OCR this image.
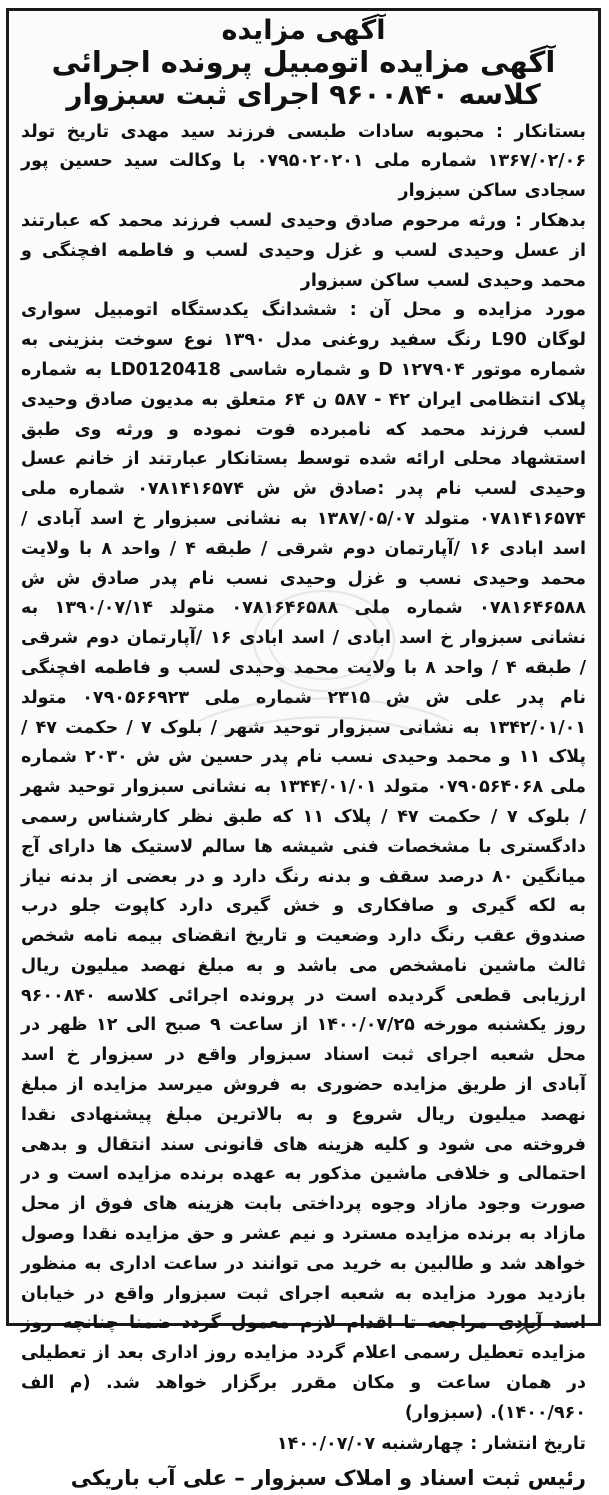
آگهی مزایده

آگهی مزایده اتومبیل پرونده اجرائی

کلاسه ۹۶۰۰۸۴۰ اجرای ثبت سبزوار

بستانکار : محبوبه سادات طبسی فرزند سید مهدی تاریخ تولد ۱۳۶۷/۰۲/۰۶ شماره ملی ۰۷۹۵۰۲۰۲۰۱ با وکالت سید حسین پور سجادی ساکن سبزوار

بدهکار : ورثه مرحوم صادق وحیدی لسب فرزند محمد که عبارتند از عسل وحیدی لسب و غزل وحیدی لسب و فاطمه افچنگی و محمد وحیدی لسب ساکن سبزوار

مورد مزایده و محل آن : ششدانگ یکدستگاه اتومبیل سواری لوگان L90 رنگ سفید روغنی مدل ۱۳۹۰ نوع سوخت بنزینی به شماره موتور D ۱۲۷۹۰۴ و شماره شاسی LD0120418 به شماره پلاک انتظامی ایران ۴۲ - ۵۸۷ ن ۶۴ متعلق به مدیون صادق وحیدی لسب فرزند محمد که نامبرده فوت نموده و ورثه وی طبق استشهاد محلی ارائه شده توسط بستانکار عبارتند از خانم عسل وحیدی لسب نام پدر :صادق ش ش ۰۷۸۱۴۱۶۵۷۴ شماره ملی ۰۷۸۱۴۱۶۵۷۴ متولد ۱۳۸۷/۰۵/۰۷ به نشانی سبزوار خ اسد آبادی / اسد ابادی ۱۶ /آپارتمان دوم شرقی / طبقه ۴ / واحد ۸ با ولایت محمد وحیدی نسب و غزل وحیدی نسب نام پدر صادق ش ش ۰۷۸۱۶۴۶۵۸۸ شماره ملی ۰۷۸۱۶۴۶۵۸۸ متولد ۱۳۹۰/۰۷/۱۴ به نشانی سبزوار خ اسد ابادی / اسد ابادی ۱۶ /آپارتمان دوم شرقی / طبقه ۴ / واحد ۸ با ولایت محمد وحیدی لسب و فاطمه افچنگی نام پدر علی ش ش ۲۳۱۵ شماره ملی ۰۷۹۰۵۶۶۹۲۳ متولد ۱۳۴۲/۰۱/۰۱ به نشانی سبزوار توحید شهر / بلوک ۷ / حکمت ۴۷ / پلاک ۱۱ و محمد وحیدی نسب نام پدر حسین ش ش ۲۰۳۰ شماره ملی ۰۷۹۰۵۶۴۰۶۸ متولد ۱۳۴۴/۰۱/۰۱ به نشانی سبزوار توحید شهر / بلوک ۷ / حکمت ۴۷ / پلاک ۱۱ که طبق نظر کارشناس رسمی دادگستری با مشخصات فنی شیشه ها سالم لاستیک ها دارای آج میانگین ۸۰ درصد سقف و بدنه رنگ دارد و در بعضی از بدنه نیاز به لکه گیری و صافکاری و خش گیری دارد کاپوت جلو درب صندوق عقب رنگ دارد وضعیت و تاریخ انقضای بیمه نامه شخص ثالث ماشین نامشخص می باشد و به مبلغ نهصد میلیون ریال ارزیابی قطعی گردیده است در پرونده اجرائی کلاسه ۹۶۰۰۸۴۰ روز یکشنبه مورخه ۱۴۰۰/۰۷/۲۵ از ساعت ۹ صبح الی ۱۲ ظهر در محل شعبه اجرای ثبت اسناد سبزوار واقع در سبزوار خ اسد آبادی از طریق مزایده حضوری به فروش میرسد مزایده از مبلغ نهصد میلیون ریال شروع و به بالاترین مبلغ پیشنهادی نقدا فروخته می شود و کلیه هزینه های قانونی سند انتقال و بدهی احتمالی و خلافی ماشین مذکور به عهده برنده مزایده است و در صورت وجود مازاد وجوه پرداختی بابت هزینه های فوق از محل مازاد به برنده مزایده مسترد و نیم عشر و حق مزایده نقدا وصول خواهد شد و طالبین به خرید می توانند در ساعت اداری به منظور بازدید مورد مزایده به شعبه اجرای ثبت سبزوار واقع در خیابان اسد آبادی مراجعه تا اقدام لازم معمول گردد ضمنا چنانچه روز مزایده تعطیل رسمی اعلام گردد مزایده روز اداری بعد از تعطیلی در همان ساعت و مکان مقرر برگزار خواهد شد. (م الف ۱۴۰۰/۹۶۰). (سبزوار)

تاریخ انتشار : چهارشنبه ۱۴۰۰/۰۷/۰۷

رئیس ثبت اسناد و املاک سبزوار – علی آب باریکی
